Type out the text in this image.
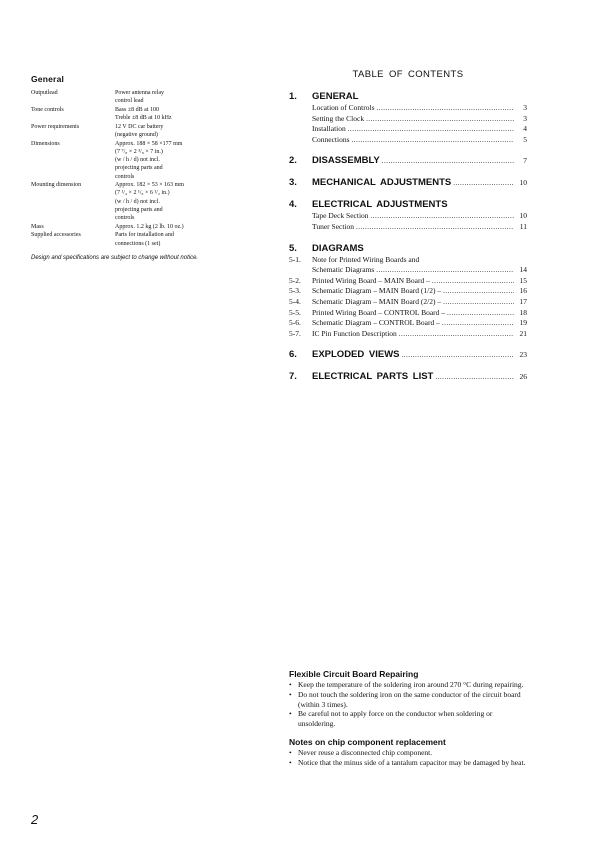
General
Outputlead	Power antenna relay
control lead
Tone controls	Bass ±8 dB at 100
Treble ±8 dB at 10 kHz
Power requirements	12 V DC car battery
(negative ground)
Dimensions	Approx. 188 × 58 ×177 mm
(7 ⁷/₈ × 2 ³/₈ × 7 in.)
(w / h / d) not incl.
projecting parts and
controls
Mounting dimension	Approx. 182 × 53 × 163 mm
(7 ¹/₄ × 2 ¹/₈ × 6 ¹/₂ in.)
(w / h / d) not incl.
projecting parts and
controls
Mass	Approx. 1.2 kg (2 lb. 10 oz.)
Supplied accessories	Parts for installation and
connections (1 set)
Design and specifications are subject to change without notice.
TABLE OF CONTENTS
1.	GENERAL
Location of Controls .....	3
Setting the Clock .....	3
Installation .....	4
Connections .....	5
2.	DISASSEMBLY .....	7
3.	MECHANICAL ADJUSTMENTS .....	10
4.	ELECTRICAL ADJUSTMENTS
Tape Deck Section .....	10
Tuner Section .....	11
5.	DIAGRAMS
5-1.	Note for Printed Wiring Boards and
Schematic Diagrams .....	14
5-2.	Printed Wiring Board – MAIN Board – .....	15
5-3.	Schematic Diagram – MAIN Board (1/2) – .....	16
5-4.	Schematic Diagram – MAIN Board (2/2) – .....	17
5-5.	Printed Wiring Board – CONTROL Board – .....	18
5-6.	Schematic Diagram – CONTROL Board – .....	19
5-7.	IC Pin Function Description .....	21
6.	EXPLODED VIEWS .....	23
7.	ELECTRICAL PARTS LIST .....	26
Flexible Circuit Board Repairing
• Keep the temperature of the soldering iron around 270 °C during repairing.
• Do not touch the soldering iron on the same conductor of the circuit board (within 3 times).
• Be careful not to apply force on the conductor when soldering or unsoldering.
Notes on chip component replacement
• Never reuse a disconnected chip component.
• Notice that the minus side of a tantalum capacitor may be damaged by heat.
2
